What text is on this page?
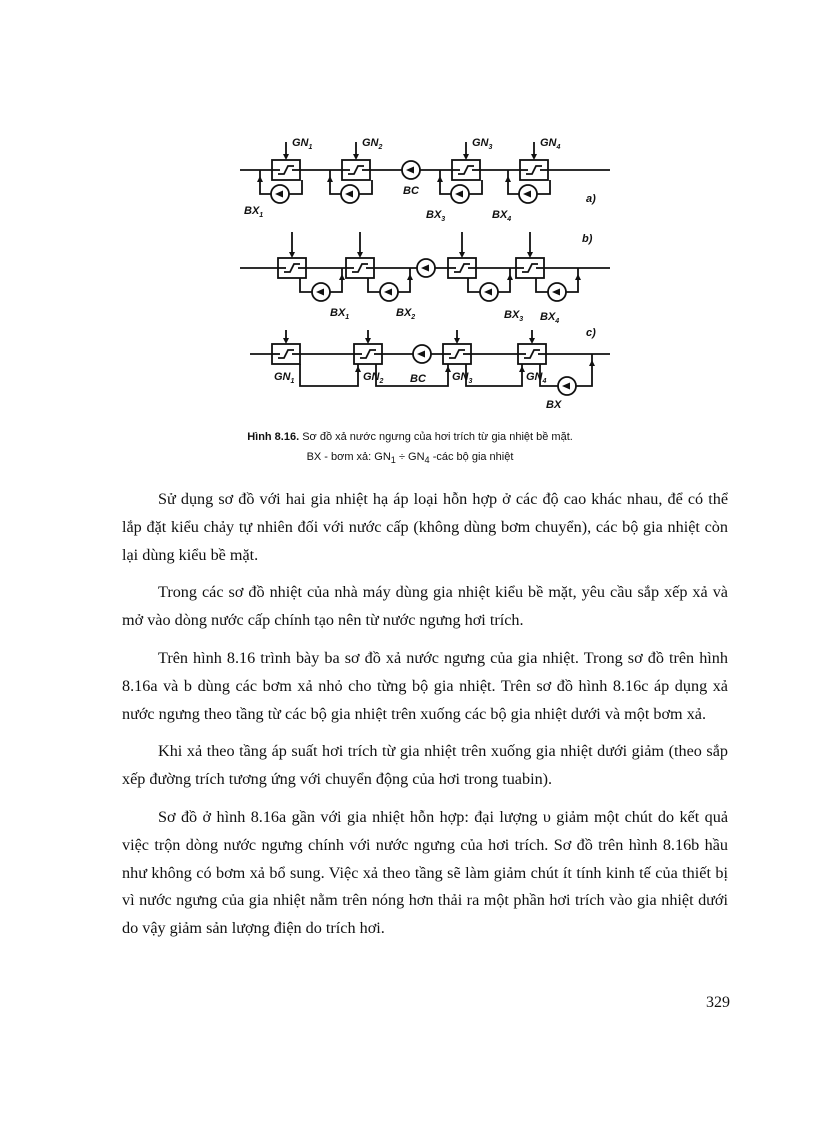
$GN_1$	$GN_2$	$GN_3$	$GN_4$
BC
$BX_1$	$BX_3$	$BX_4$
a)
b)
$BX_1$	$BX_2$	$BX_3$ $BX_4$
c)
$GN_1$	$GN_2$ BC $GN_3$	$GN_4$
BX
Hình 8.16. Sơ đồ xả nước ngưng của hơi trích từ gia nhiệt bề mặt.
BX - bơm xả: $GN_1 \div GN_4$ -các bộ gia nhiệt

Sử dụng sơ đồ với hai gia nhiệt hạ áp loại hỗn hợp ở các độ cao khác nhau, để có thể lắp đặt kiểu chảy tự nhiên đối với nước cấp (không dùng bơm chuyển), các bộ gia nhiệt còn lại dùng kiểu bề mặt.

Trong các sơ đồ nhiệt của nhà máy dùng gia nhiệt kiểu bề mặt, yêu cầu sắp xếp xả và mở vào dòng nước cấp chính tạo nên từ nước ngưng hơi trích.

Trên hình 8.16 trình bày ba sơ đồ xả nước ngưng của gia nhiệt. Trong sơ đồ trên hình 8.16a và b dùng các bơm xả nhỏ cho từng bộ gia nhiệt. Trên sơ đồ hình 8.16c áp dụng xả nước ngưng theo tầng từ các bộ gia nhiệt trên xuống các bộ gia nhiệt dưới và một bơm xả.

Khi xả theo tầng áp suất hơi trích từ gia nhiệt trên xuống gia nhiệt dưới giảm (theo sắp xếp đường trích tương ứng với chuyển động của hơi trong tuabin).

Sơ đồ ở hình 8.16a gần với gia nhiệt hỗn hợp: đại lượng υ giảm một chút do kết quả việc trộn dòng nước ngưng chính với nước ngưng của hơi trích. Sơ đồ trên hình 8.16b hầu như không có bơm xả bổ sung. Việc xả theo tầng sẽ làm giảm chút ít tính kinh tế của thiết bị vì nước ngưng của gia nhiệt nằm trên nóng hơn thải ra một phần hơi trích vào gia nhiệt dưới do vậy giảm sản lượng điện do trích hơi.

329
